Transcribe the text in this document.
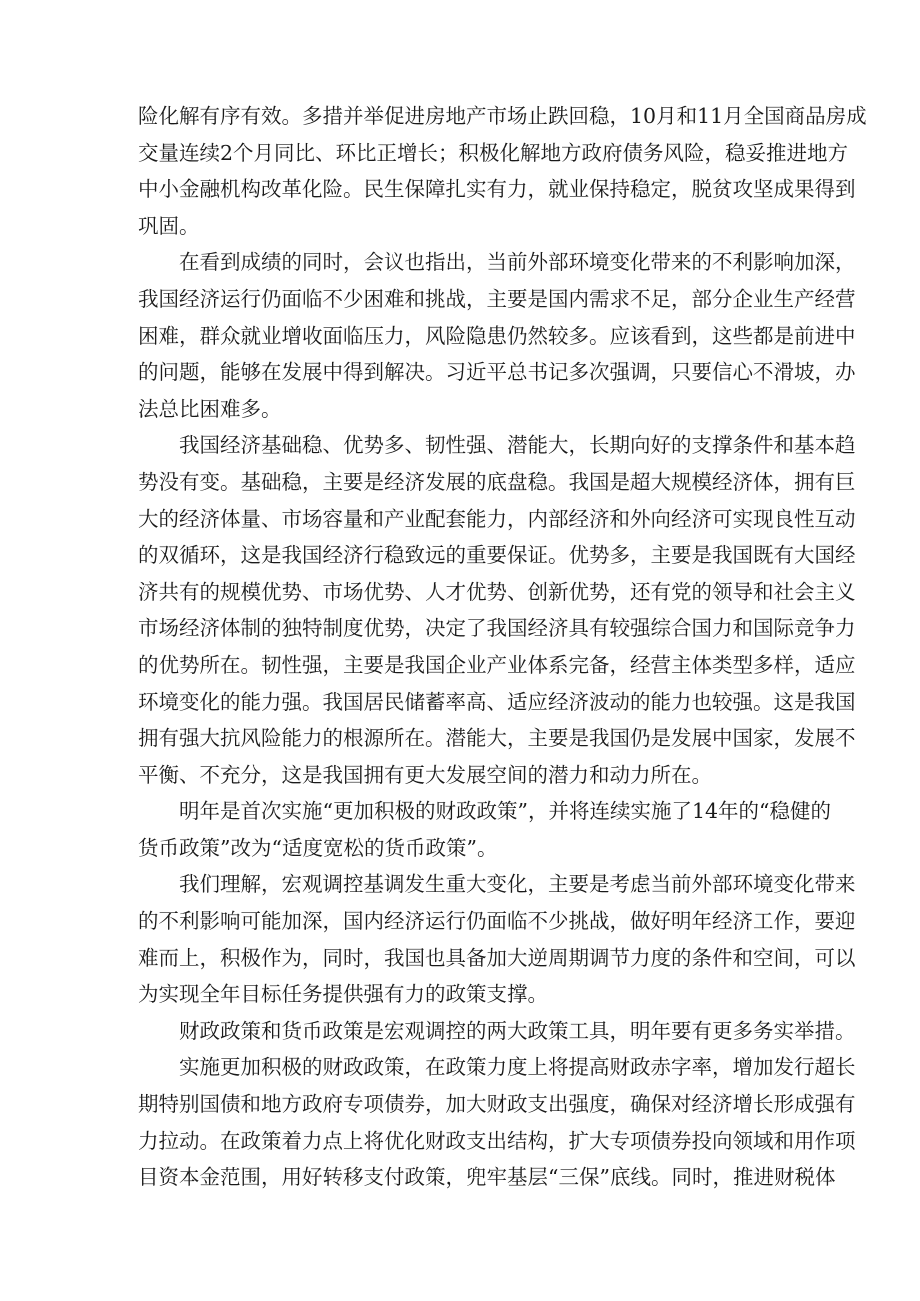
险化解有序有效。多措并举促进房地产市场止跌回稳，10月和11月全国商品房成
交量连续2个月同比、环比正增长；积极化解地方政府债务风险，稳妥推进地方
中小金融机构改革化险。民生保障扎实有力，就业保持稳定，脱贫攻坚成果得到
巩固。
在看到成绩的同时，会议也指出，当前外部环境变化带来的不利影响加深，
我国经济运行仍面临不少困难和挑战，主要是国内需求不足，部分企业生产经营
困难，群众就业增收面临压力，风险隐患仍然较多。应该看到，这些都是前进中
的问题，能够在发展中得到解决。习近平总书记多次强调，只要信心不滑坡，办
法总比困难多。
我国经济基础稳、优势多、韧性强、潜能大，长期向好的支撑条件和基本趋
势没有变。基础稳，主要是经济发展的底盘稳。我国是超大规模经济体，拥有巨
大的经济体量、市场容量和产业配套能力，内部经济和外向经济可实现良性互动
的双循环，这是我国经济行稳致远的重要保证。优势多，主要是我国既有大国经
济共有的规模优势、市场优势、人才优势、创新优势，还有党的领导和社会主义
市场经济体制的独特制度优势，决定了我国经济具有较强综合国力和国际竞争力
的优势所在。韧性强，主要是我国企业产业体系完备，经营主体类型多样，适应
环境变化的能力强。我国居民储蓄率高、适应经济波动的能力也较强。这是我国
拥有强大抗风险能力的根源所在。潜能大，主要是我国仍是发展中国家，发展不
平衡、不充分，这是我国拥有更大发展空间的潜力和动力所在。
明年是首次实施“更加积极的财政政策”，并将连续实施了14年的“稳健的
货币政策”改为“适度宽松的货币政策”。
我们理解，宏观调控基调发生重大变化，主要是考虑当前外部环境变化带来
的不利影响可能加深，国内经济运行仍面临不少挑战，做好明年经济工作，要迎
难而上，积极作为，同时，我国也具备加大逆周期调节力度的条件和空间，可以
为实现全年目标任务提供强有力的政策支撑。
财政政策和货币政策是宏观调控的两大政策工具，明年要有更多务实举措。
实施更加积极的财政政策，在政策力度上将提高财政赤字率，增加发行超长
期特别国债和地方政府专项债券，加大财政支出强度，确保对经济增长形成强有
力拉动。在政策着力点上将优化财政支出结构，扩大专项债券投向领域和用作项
目资本金范围，用好转移支付政策，兜牢基层“三保”底线。同时，推进财税体
